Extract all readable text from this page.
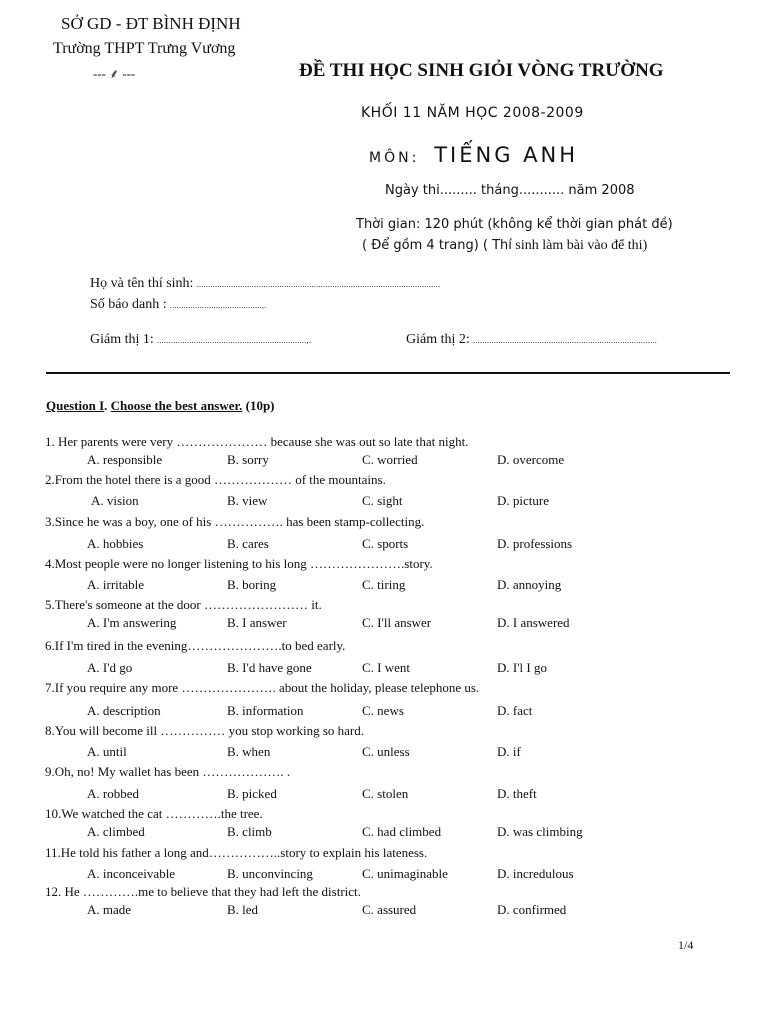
SỞ GD - ĐT BÌNH ĐỊNH
Trường THPT Trưng Vương
--- ⸙ ---	ĐỀ THI HỌC SINH GIỎI VÒNG TRƯỜNG
KHỐI 11 NĂM HỌC 2008-2009
MÔN: TIẾNG ANH
Ngày thi......... tháng........... năm 2008
Thời gian: 120 phút (không kể thời gian phát đề)
( Để gồm 4 trang) ( Thí sinh làm bài vào để thi)
Họ và tên thí sinh: ..........................................................................................................
Số báo danh : ........................................,.
Giám thị 1: .................................................................,.	Giám thị 2: ................................................................................
Question I. Choose the best answer. (10p)
1. Her parents were very ………………… because she was out so late that night.
A. responsible	B. sorry	C. worried	D. overcome
2.From the hotel there is a good ……………… of the mountains.
A. vision	B. view	C. sight	D. picture
3.Since he was a boy, one of his ……………. has been stamp-collecting.
A. hobbies	B. cares	C. sports	D. professions
4.Most people were no longer listening to his long ………………….story.
A. irritable	B. boring	C. tiring	D. annoying
5.There's someone at the door …………………… it.
A. I'm answering	B. I answer	C. I'll answer	D. I answered
6.If I'm tired in the evening………………….to bed early.
A. I'd go	B. I'd have gone	C. I went	D. I'l I go
7.If you require any more …………………. about the holiday, please telephone us.
A. description	B. information	C. news	D. fact
8.You will become ill …………… you stop working so hard.
A. until	B. when	C. unless	D. if
9.Oh, no! My wallet has been ………………. .
A. robbed	B. picked	C. stolen	D. theft
10.We watched the cat ………….the tree.
A. climbed	B. climb	C. had climbed	D. was climbing
11.He told his father a long and……………..story to explain his lateness.
A. inconceivable	B. unconvincing	C. unimaginable	D. incredulous
12. He ………….me to believe that they had left the district.
A. made	B. led	C. assured	D. confirmed
1/4
